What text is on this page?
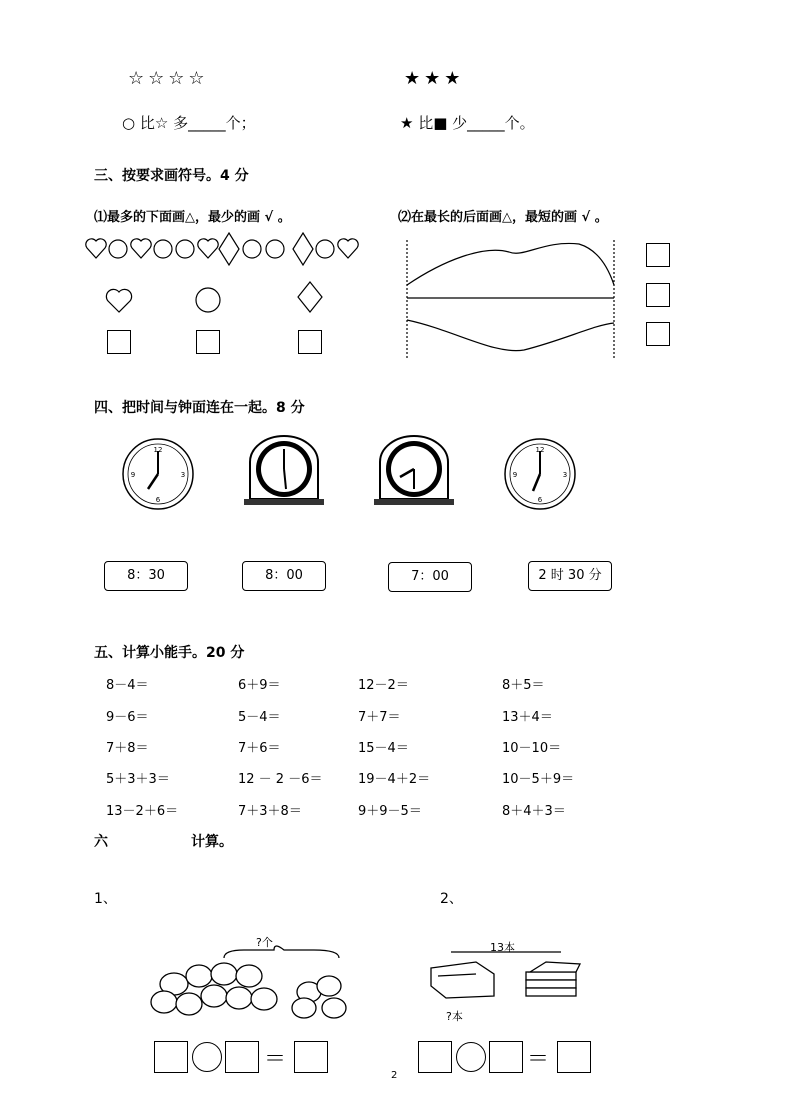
☆☆☆☆	★★★
○ 比☆ 多_____个；	★ 比■ 少_____个。
三、按要求画符号。4 分
⑴最多的下面画△，最少的画 √ 。	⑵在最长的后面画△，最短的画 √ 。
四、把时间与钟面连在一起。8 分
12
3
6
9
12
3
6
9
8：30	8：00	7：00	2 时 30 分
五、计算小能手。20 分
8－4＝	6＋9＝	12－2＝	8＋5＝
9－6＝	5－4＝	7＋7＝	13＋4＝
7＋8＝	7＋6＝	15－4＝	10－10＝
5＋3＋3＝	12 － 2 －6＝	19－4＋2＝	10－5＋9＝
13－2＋6＝	7＋3＋8＝	9＋9－5＝	8＋4＋3＝
六	计算。
1、	2、
?个	13本
?本
＝	＝
2
